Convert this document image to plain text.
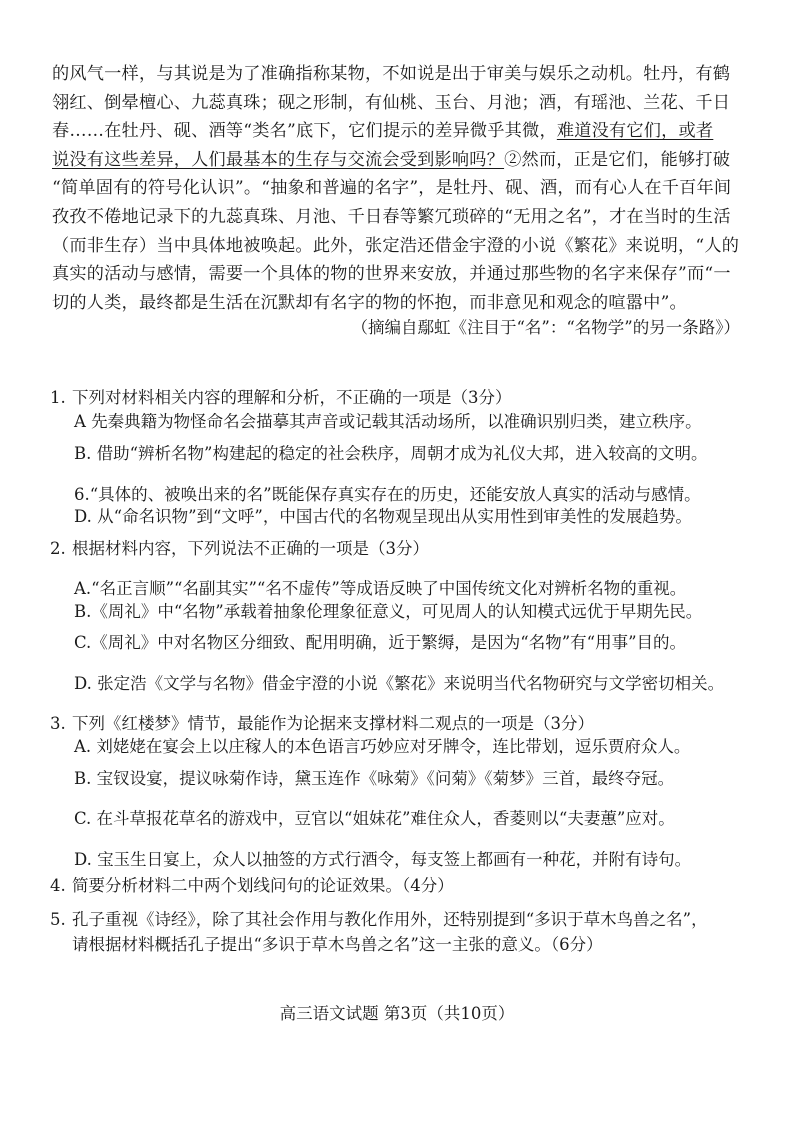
的风气一样，与其说是为了准确指称某物，不如说是出于审美与娱乐之动机。牡丹，有鹤

翎红、倒晕檀心、九蕊真珠；砚之形制，有仙桃、玉台、月池；酒，有瑶池、兰花、千日

春……在牡丹、砚、酒等“类名”底下，它们提示的差异微乎其微，难道没有它们，或者

说没有这些差异，人们最基本的生存与交流会受到影响吗？②然而，正是它们，能够打破

“简单固有的符号化认识”。“抽象和普遍的名字”，是牡丹、砚、酒，而有心人在千百年间

孜孜不倦地记录下的九蕊真珠、月池、千日春等繁冗琐碎的“无用之名”，才在当时的生活

（而非生存）当中具体地被唤起。此外，张定浩还借金宇澄的小说《繁花》来说明，“人的

真实的活动与感情，需要一个具体的物的世界来安放，并通过那些物的名字来保存”而“一

切的人类，最终都是生活在沉默却有名字的物的怀抱，而非意见和观念的喧嚣中”。

（摘编自鄢虹《注目于“名”：“名物学”的另一条路》）
1. 下列对材料相关内容的理解和分析，不正确的一项是（3分）
A 先秦典籍为物怪命名会描摹其声音或记载其活动场所，以准确识别归类，建立秩序。
B. 借助“辨析名物”构建起的稳定的社会秩序，周朝才成为礼仪大邦，进入较高的文明。
6.“具体的、被唤出来的名”既能保存真实存在的历史，还能安放人真实的活动与感情。
D. 从“命名识物”到“文呼”，中国古代的名物观呈现出从实用性到审美性的发展趋势。
2. 根据材料内容，下列说法不正确的一项是（3分）
A.“名正言顺”“名副其实”“名不虚传”等成语反映了中国传统文化对辨析名物的重视。
B.《周礼》中“名物”承载着抽象伦理象征意义，可见周人的认知模式远优于早期先民。
C.《周礼》中对名物区分细致、配用明确，近于繁缛，是因为“名物”有“用事”目的。
D. 张定浩《文学与名物》借金宇澄的小说《繁花》来说明当代名物研究与文学密切相关。
3. 下列《红楼梦》情节，最能作为论据来支撑材料二观点的一项是（3分）
A. 刘姥姥在宴会上以庄稼人的本色语言巧妙应对牙牌令，连比带划，逗乐贾府众人。
B. 宝钗设宴，提议咏菊作诗，黛玉连作《咏菊》《问菊》《菊梦》三首，最终夺冠。
C. 在斗草报花草名的游戏中，豆官以“姐妹花”难住众人，香菱则以“夫妻蕙”应对。
D. 宝玉生日宴上，众人以抽签的方式行酒令，每支签上都画有一种花，并附有诗句。
4. 简要分析材料二中两个划线问句的论证效果。（4分）
5. 孔子重视《诗经》，除了其社会作用与教化作用外，还特别提到“多识于草木鸟兽之名”，
请根据材料概括孔子提出“多识于草木鸟兽之名”这一主张的意义。（6分）
高三语文试题 第3页（共10页）
